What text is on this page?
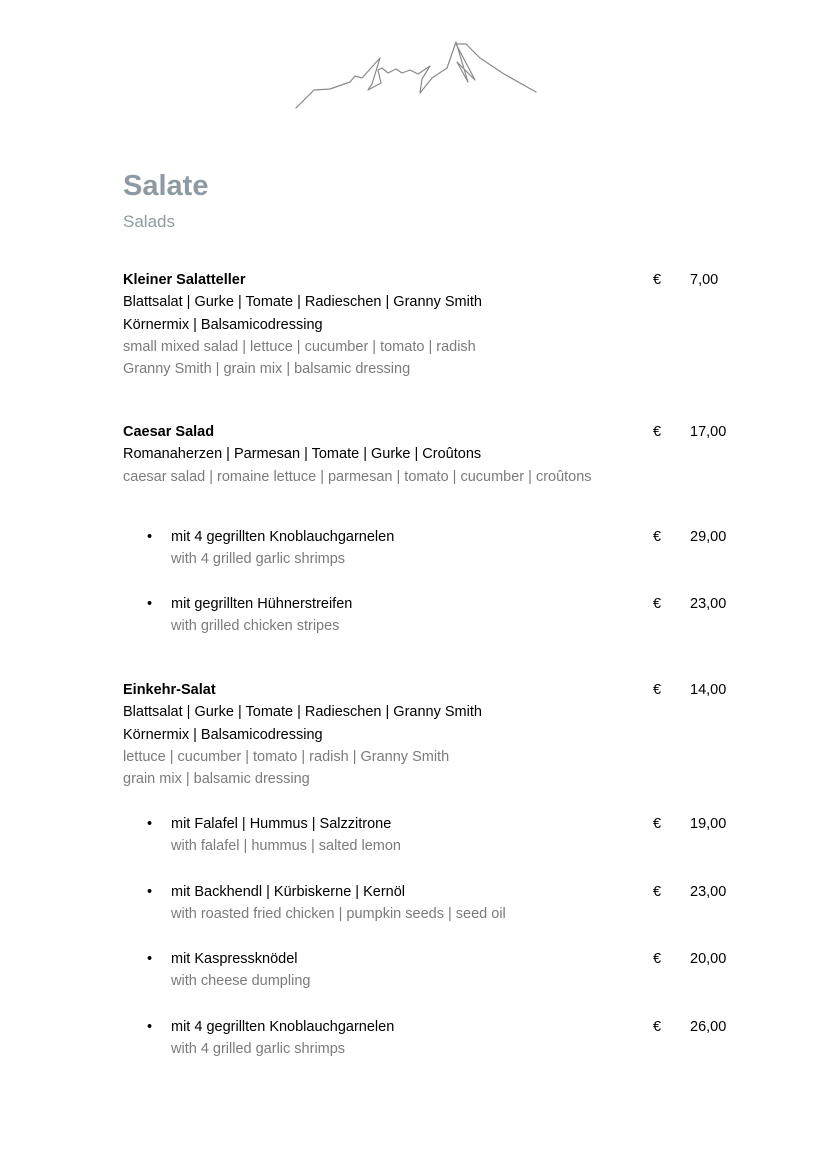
Salate
Salads
Kleiner Salatteller
Blattsalat | Gurke | Tomate | Radieschen | Granny Smith
Körnermix | Balsamicodressing
small mixed salad | lettuce | cucumber | tomato | radish
Granny Smith | grain mix | balsamic dressing
€ 7,00
Caesar Salad
Romanaherzen | Parmesan | Tomate | Gurke | Croûtons
caesar salad | romaine lettuce | parmesan | tomato | cucumber | croûtons
€ 17,00
• mit 4 gegrillten Knoblauchgarnelen
with 4 grilled garlic shrimps
€ 29,00
• mit gegrillten Hühnerstreifen
with grilled chicken stripes
€ 23,00
Einkehr-Salat
Blattsalat | Gurke | Tomate | Radieschen | Granny Smith
Körnermix | Balsamicodressing
lettuce | cucumber | tomato | radish | Granny Smith
grain mix | balsamic dressing
€ 14,00
• mit Falafel | Hummus | Salzzitrone
with falafel | hummus | salted lemon
€ 19,00
• mit Backhendl | Kürbiskerne | Kernöl
with roasted fried chicken | pumpkin seeds | seed oil
€ 23,00
• mit Kaspressknödel
with cheese dumpling
€ 20,00
• mit 4 gegrillten Knoblauchgarnelen
with 4 grilled garlic shrimps
€ 26,00
